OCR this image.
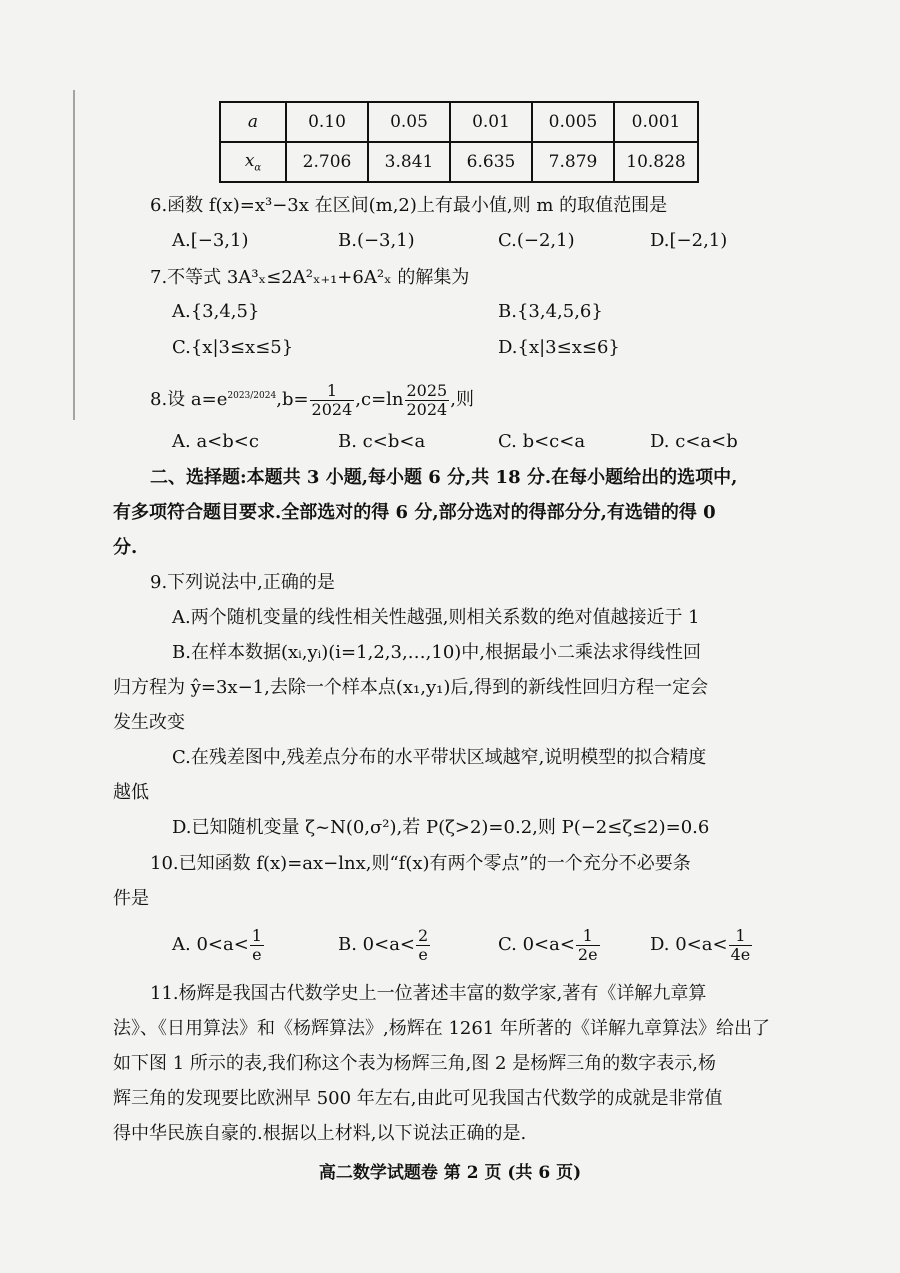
a	0.10	0.05	0.01	0.005	0.001
$x_\alpha$	2.706	3.841	6.635	7.879	10.828
6.函数 f(x)=x³−3x 在区间(m,2)上有最小值,则 m 的取值范围是
A.[−3,1)	B.(−3,1)	C.(−2,1)	D.[−2,1)
7.不等式 3A³ₓ≤2A²ₓ₊₁+6A²ₓ 的解集为
A.{3,4,5}	B.{3,4,5,6}
C.{x|3≤x≤5}	D.{x|3≤x≤6}
8.设 $a=e^{2023/2024},b= \frac{1}{2024} ,c=\ln \frac{2025}{2024}$ ,则
A. a<b<c	B. c<b<a	C. b<c<a	D. c<a<b
二、选择题:本题共 3 小题,每小题 6 分,共 18 分.在每小题给出的选项中,
有多项符合题目要求.全部选对的得 6 分,部分选对的得部分分,有选错的得 0
分.
9.下列说法中,正确的是
A.两个随机变量的线性相关性越强,则相关系数的绝对值越接近于 1
B.在样本数据(xᵢ,yᵢ)(i=1,2,3,…,10)中,根据最小二乘法求得线性回
归方程为 ŷ=3x−1,去除一个样本点(x₁,y₁)后,得到的新线性回归方程一定会
发生改变
C.在残差图中,残差点分布的水平带状区域越窄,说明模型的拟合精度
越低
D.已知随机变量 ζ~N(0,σ²),若 P(ζ>2)=0.2,则 P(−2≤ζ≤2)=0.6
10.已知函数 f(x)=ax−lnx,则“f(x)有两个零点”的一个充分不必要条
件是
A. $0<a< \frac{1}{e}$	B. $0<a< \frac{2}{e}$	C. $0<a< \frac{1}{2e}$	D. $0<a< \frac{1}{4e}$
11.杨辉是我国古代数学史上一位著述丰富的数学家,著有《详解九章算
法》、《日用算法》和《杨辉算法》,杨辉在 1261 年所著的《详解九章算法》给出了
如下图 1 所示的表,我们称这个表为杨辉三角,图 2 是杨辉三角的数字表示,杨
辉三角的发现要比欧洲早 500 年左右,由此可见我国古代数学的成就是非常值
得中华民族自豪的.根据以上材料,以下说法正确的是.
高二数学试题卷 第 2 页 (共 6 页)
